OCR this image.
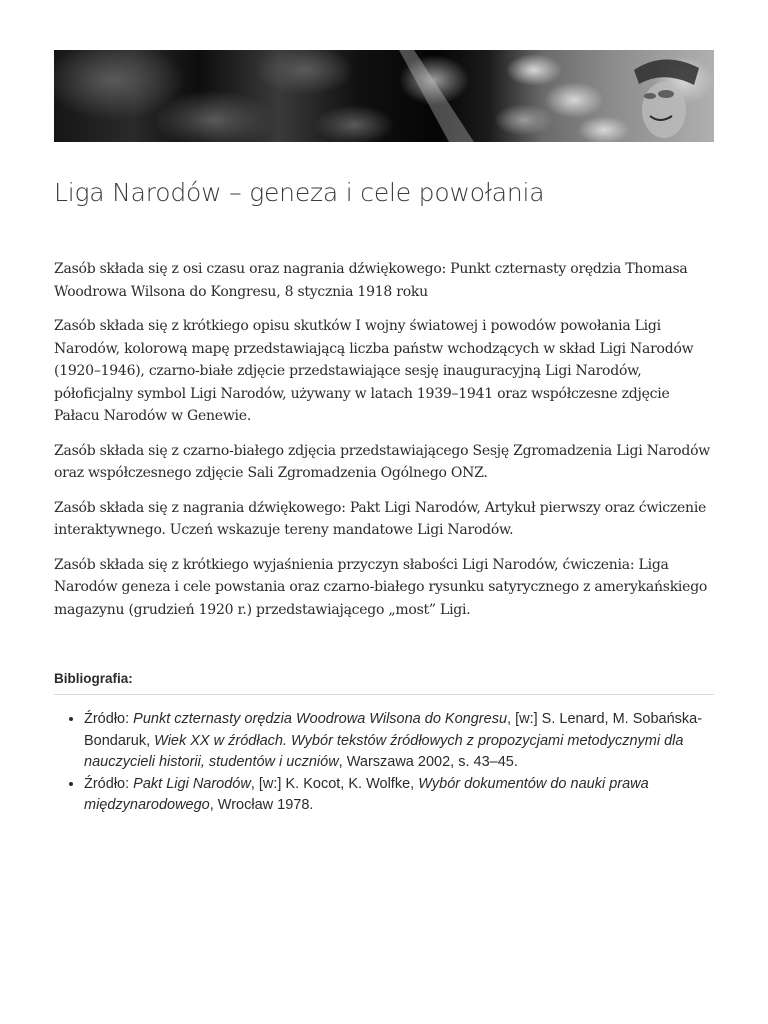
Liga Narodów – geneza i cele powołania

Zasób składa się z osi czasu oraz nagrania dźwiękowego: Punkt czternasty orędzia Thomasa Woodrowa Wilsona do Kongresu, 8 stycznia 1918 roku

Zasób składa się z krótkiego opisu skutków I wojny światowej i powodów powołania Ligi Narodów, kolorową mapę przedstawiającą liczba państw wchodzących w skład Ligi Narodów (1920–1946), czarno-białe zdjęcie przedstawiające sesję inauguracyjną Ligi Narodów, półoficjalny symbol Ligi Narodów, używany w latach 1939–1941 oraz współczesne zdjęcie Pałacu Narodów w Genewie.

Zasób składa się z czarno-białego zdjęcia przedstawiającego Sesję Zgromadzenia Ligi Narodów oraz współczesnego zdjęcie Sali Zgromadzenia Ogólnego ONZ.

Zasób składa się z nagrania dźwiękowego: Pakt Ligi Narodów, Artykuł pierwszy oraz ćwiczenie interaktywnego. Uczeń wskazuje tereny mandatowe Ligi Narodów.

Zasób składa się z krótkiego wyjaśnienia przyczyn słabości Ligi Narodów, ćwiczenia: Liga Narodów geneza i cele powstania oraz czarno-białego rysunku satyrycznego z amerykańskiego magazynu (grudzień 1920 r.) przedstawiającego „most” Ligi.

Bibliografia:
• Źródło: Punkt czternasty orędzia Woodrowa Wilsona do Kongresu, [w:] S. Lenard, M. Sobańska-Bondaruk, Wiek XX w źródłach. Wybór tekstów źródłowych z propozycjami metodycznymi dla nauczycieli historii, studentów i uczniów, Warszawa 2002, s. 43–45.
• Źródło: Pakt Ligi Narodów, [w:] K. Kocot, K. Wolfke, Wybór dokumentów do nauki prawa międzynarodowego, Wrocław 1978.
